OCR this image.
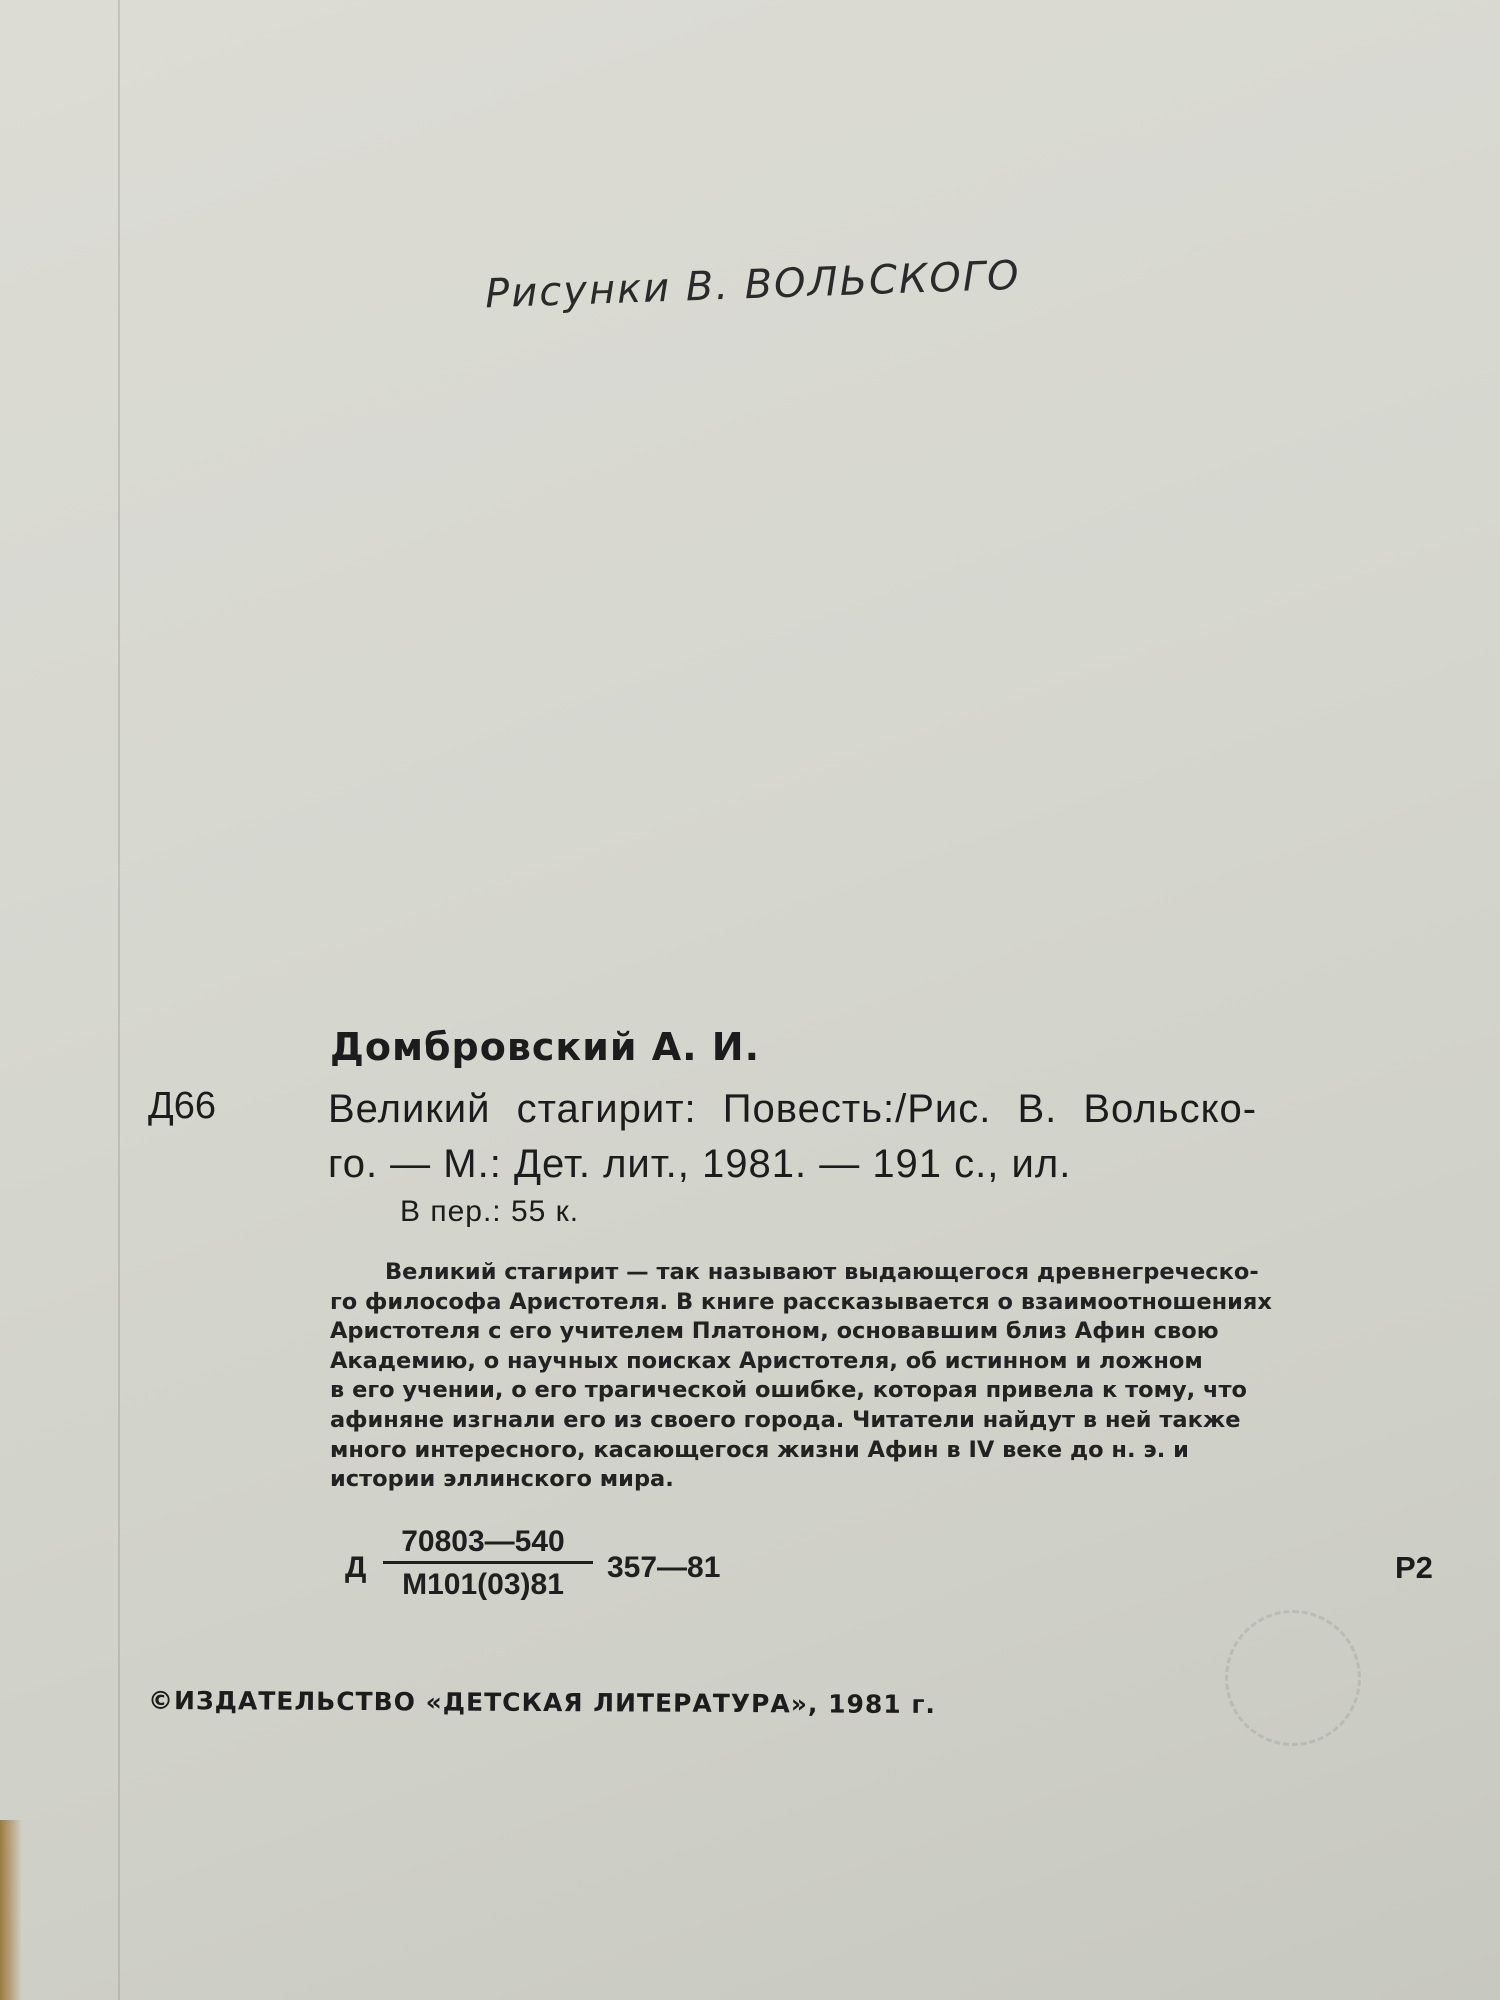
Рисунки В. ВОЛЬСКОГО
Домбровский А. И.
Д66	Великий стагирит: Повесть:/Рис. В. Вольско-
го. — М.: Дет. лит., 1981. — 191 с., ил.
В пер.: 55 к.
Великий стагирит — так называют выдающегося древнегреческо-
го философа Аристотеля. В книге рассказывается о взаимоотношениях
Аристотеля с его учителем Платоном, основавшим близ Афин свою
Академию, о научных поисках Аристотеля, об истинном и ложном
в его учении, о его трагической ошибке, которая привела к тому, что
афиняне изгнали его из своего города. Читатели найдут в ней также
много интересного, касающегося жизни Афин в IV веке до н. э. и
истории эллинского мира.
Д
70803—540
М101(03)81
357—81	Р2
©ИЗДАТЕЛЬСТВО «ДЕТСКАЯ ЛИТЕРАТУРА», 1981 г.
